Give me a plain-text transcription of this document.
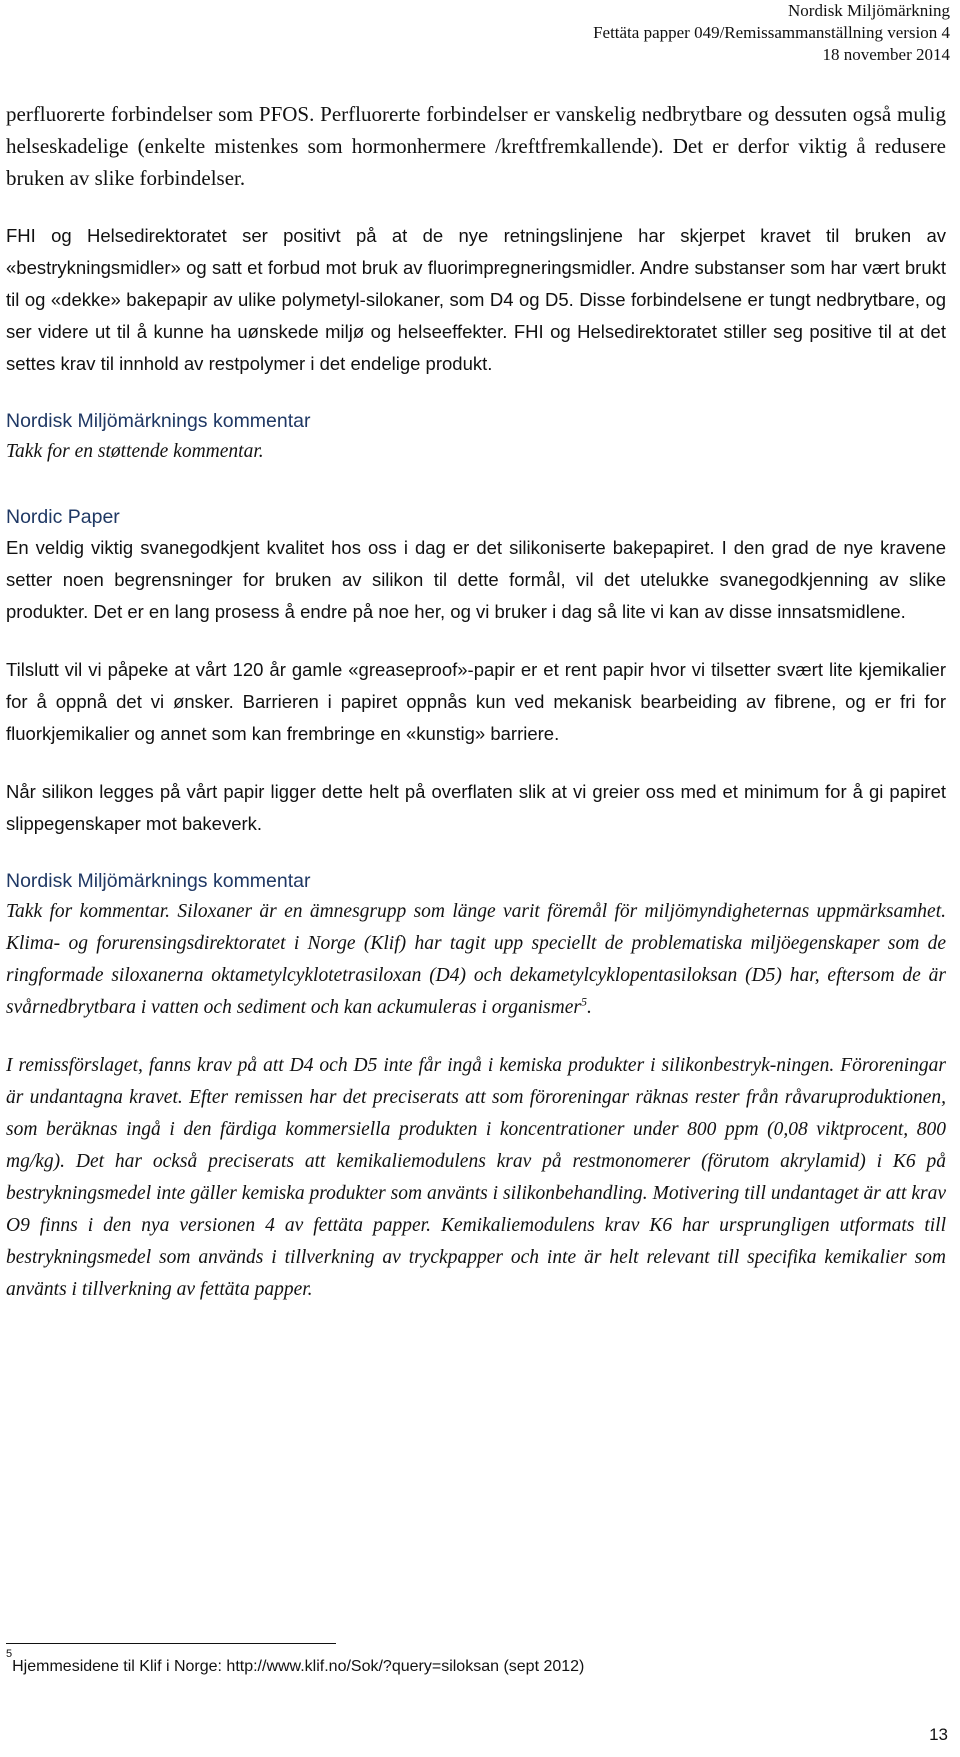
Nordisk Miljömärkning
Fettäta papper 049/Remissammanställning version 4
18 november 2014

perfluorerte forbindelser som PFOS. Perfluorerte forbindelser er vanskelig nedbrytbare og dessuten også mulig helseskadelige (enkelte mistenkes som hormonhermere /kreftfremkallende). Det er derfor viktig å redusere bruken av slike forbindelser.

FHI og Helsedirektoratet ser positivt på at de nye retningslinjene har skjerpet kravet til bruken av «bestrykningsmidler» og satt et forbud mot bruk av fluorimpregneringsmidler. Andre substanser som har vært brukt til og «dekke» bakepapir av ulike polymetyl-silokaner, som D4 og D5. Disse forbindelsene er tungt nedbrytbare, og ser videre ut til å kunne ha uønskede miljø og helseeffekter. FHI og Helsedirektoratet stiller seg positive til at det settes krav til innhold av restpolymer i det endelige produkt.

Nordisk Miljömärknings kommentar

Takk for en støttende kommentar.

Nordic Paper

En veldig viktig svanegodkjent kvalitet hos oss i dag er det silikoniserte bakepapiret. I den grad de nye kravene setter noen begrensninger for bruken av silikon til dette formål, vil det utelukke svanegodkjenning av slike produkter. Det er en lang prosess å endre på noe her, og vi bruker i dag så lite vi kan av disse innsatsmidlene.

Tilslutt vil vi påpeke at vårt 120 år gamle «greaseproof»-papir er et rent papir hvor vi tilsetter svært lite kjemikalier for å oppnå det vi ønsker. Barrieren i papiret oppnås kun ved mekanisk bearbeiding av fibrene, og er fri for fluorkjemikalier og annet som kan frembringe en «kunstig» barriere.

Når silikon legges på vårt papir ligger dette helt på overflaten slik at vi greier oss med et minimum for å gi papiret slippegenskaper mot bakeverk.

Nordisk Miljömärknings kommentar

Takk for kommentar. Siloxaner är en ämnesgrupp som länge varit föremål för miljömyndigheternas uppmärksamhet. Klima- og forurensingsdirektoratet i Norge (Klif) har tagit upp speciellt de problematiska miljöegenskaper som de ringformade siloxanerna oktametylcyklotetrasiloxan (D4) och dekametylcyklopentasiloksan (D5) har, eftersom de är svårnedbrytbara i vatten och sediment och kan ackumuleras i organismer$^5$.

I remissförslaget, fanns krav på att D4 och D5 inte får ingå i kemiska produkter i silikonbestryk-ningen. Föroreningar är undantagna kravet. Efter remissen har det preciserats att som föroreningar räknas rester från råvaruproduktionen, som beräknas ingå i den färdiga kommersiella produkten i koncentrationer under 800 ppm (0,08 viktprocent, 800 mg/kg). Det har också preciserats att kemikaliemodulens krav på restmonomerer (förutom akrylamid) i K6 på bestrykningsmedel inte gäller kemiska produkter som använts i silikonbehandling. Motivering till undantaget är att krav O9 finns i den nya versionen 4 av fettäta papper. Kemikaliemodulens krav K6 har ursprungligen utformats till bestrykningsmedel som används i tillverkning av tryckpapper och inte är helt relevant till specifika kemikalier som använts i tillverkning av fettäta papper.

$^5$Hjemmesidene til Klif i Norge: http://www.klif.no/Sok/?query=siloksan (sept 2012)
13
